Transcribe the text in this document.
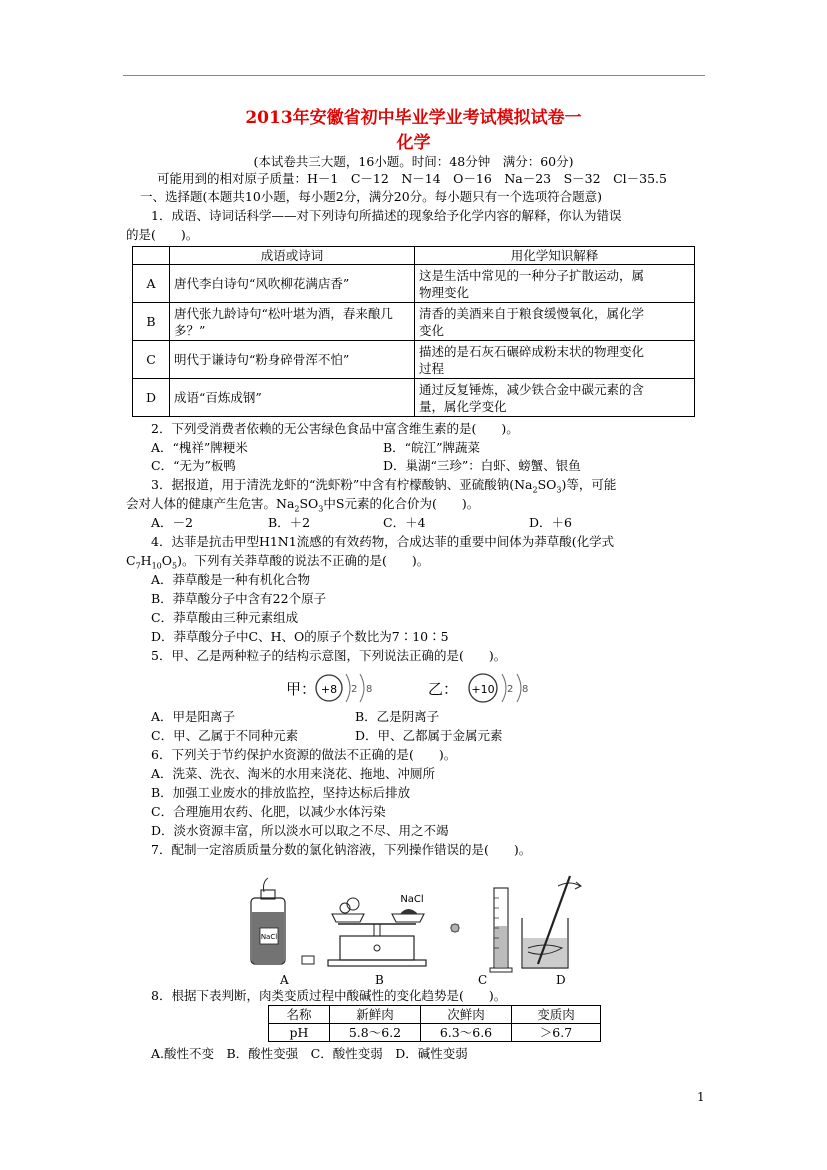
2013年安徽省初中毕业学业考试模拟试卷一
化学
(本试卷共三大题，16小题。时间：48分钟　满分：60分)
可能用到的相对原子质量：H－1　C－12　N－14　O－16　Na－23　S－32　Cl－35.5
一、选择题(本题共10小题，每小题2分，满分20分。每小题只有一个选项符合题意)
1．成语、诗词话科学——对下列诗句所描述的现象给予化学内容的解释，你认为错误
的是(　　)。
	成语或诗词	用化学知识解释
A	唐代李白诗句“风吹柳花满店香”	这是生活中常见的一种分子扩散运动，属
物理变化
B	唐代张九龄诗句“松叶堪为酒，春来酿几多？”	清香的美酒来自于粮食缓慢氧化，属化学
变化
C	明代于谦诗句“粉身碎骨浑不怕”	描述的是石灰石碾碎成粉末状的物理变化
过程
D	成语“百炼成钢”	通过反复锤炼，减少铁合金中碳元素的含
量，属化学变化
2．下列受消费者依赖的无公害绿色食品中富含维生素的是(　　)。
A．“槐祥”牌粳米	B．“皖江”牌蔬菜
C．“无为”板鸭	D．巢湖“三珍”：白虾、螃蟹、银鱼
3．据报道，用于清洗龙虾的“洗虾粉”中含有柠檬酸钠、亚硫酸钠$(Na_2SO_3)$等，可能
会对人体的健康产生危害。$Na_2SO_3$中S元素的化合价为(　　)。
A．－2	B．＋2	C．＋4	D．＋6
4．达菲是抗击甲型H1N1流感的有效药物，合成达菲的重要中间体为莽草酸(化学式
$C_7H_{10}O_5$)。下列有关莽草酸的说法不正确的是(　　)。
A．莽草酸是一种有机化合物
B．莽草酸分子中含有22个原子
C．莽草酸由三种元素组成
D．莽草酸分子中C、H、O的原子个数比为7∶10∶5
5．甲、乙是两种粒子的结构示意图，下列说法正确的是(　　)。
甲： +8 2 8	乙： +10 2 8
A．甲是阳离子	B．乙是阴离子
C．甲、乙属于不同种元素	D．甲、乙都属于金属元素
6．下列关于节约保护水资源的做法不正确的是(　　)。
A．洗菜、洗衣、淘米的水用来浇花、拖地、冲厕所
B．加强工业废水的排放监控，坚持达标后排放
C．合理施用农药、化肥，以减少水体污染
D．淡水资源丰富，所以淡水可以取之不尽、用之不竭
7．配制一定溶质质量分数的氯化钠溶液，下列操作错误的是(　　)。
NaCl
NaCl
A	B	C	D
8．根据下表判断，肉类变质过程中酸碱性的变化趋势是(　　)。
名称	新鲜肉	次鲜肉	变质肉
pH	5.8～6.2	6.3～6.6	＞6.7
A.酸性不变　B．酸性变强　C．酸性变弱　D．碱性变弱
1
